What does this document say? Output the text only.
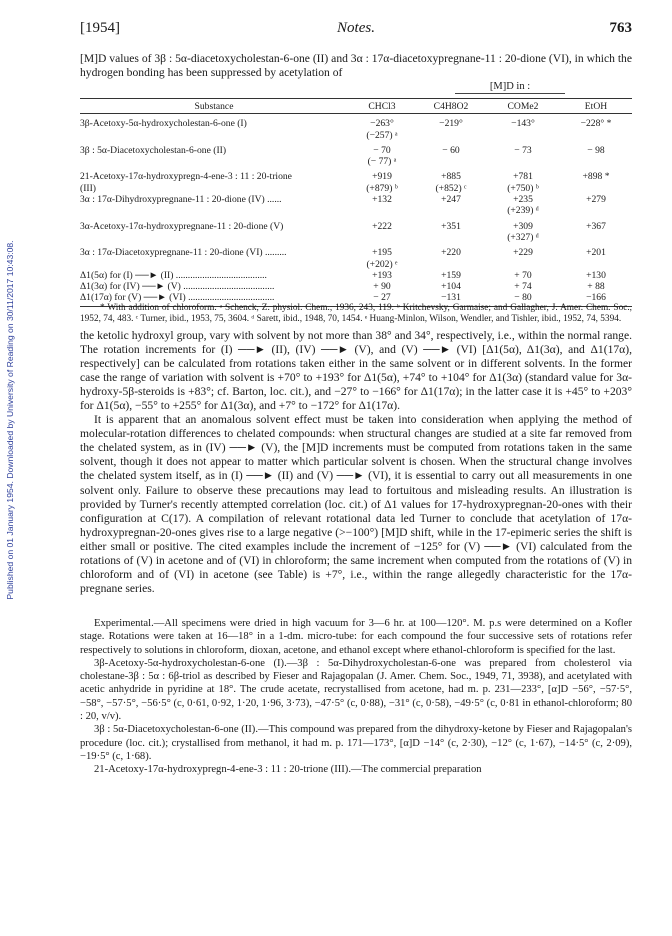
Published on 01 January 1954. Downloaded by University of Reading on 30/11/2017 10:43:08.
[1954]	Notes.	763
[M]D values of 3β : 5α-diacetoxycholestan-6-one (II) and 3α : 17α-diacetoxypregnane-11 : 20-dione (VI), in which the hydrogen bonding has been suppressed by acetylation of
[M]D in :
Substance	CHCl3	C4H8O2	COMe2	EtOH
3β-Acetoxy-5α-hydroxycholestan-6-one (I)	−263°	−219°	−143°	−228° *
	(−257) ᵃ			
3β : 5α-Diacetoxycholestan-6-one (II)	− 70	− 60	− 73	− 98
	(− 77) ᵃ			
21-Acetoxy-17α-hydroxypregn-4-ene-3 : 11 : 20-trione	+919	+885	+781	+898 *
(III)	(+879) ᵇ	(+852) ᶜ	(+750) ᵇ	
3α : 17α-Dihydroxypregnane-11 : 20-dione (IV) ......	+132	+247	+235	+279
			(+239) ᵈ	
3α-Acetoxy-17α-hydroxypregnane-11 : 20-dione (V)	+222	+351	+309	+367
			(+327) ᵈ	
3α : 17α-Diacetoxypregnane-11 : 20-dione (VI) .........	+195	+220	+229	+201
	(+202) ᵉ			
Δ1(5α) for (I) ──► (II) ......................................	+193	+159	+ 70	+130
Δ1(3α) for (IV) ──► (V) ......................................	+ 90	+104	+ 74	+ 88
Δ1(17α) for (V) ──► (VI) ....................................	− 27	−131	− 80	−166
* With addition of chloroform. ᵃ Schenck, Z. physiol. Chem., 1936, 243, 119. ᵇ Kritchevsky, Garmaise; and Gallagher, J. Amer. Chem. Soc., 1952, 74, 483. ᶜ Turner, ibid., 1953, 75, 3604. ᵈ Sarett, ibid., 1948, 70, 1454. ᵉ Huang-Minlon, Wilson, Wendler, and Tishler, ibid., 1952, 74, 5394.

the ketolic hydroxyl group, vary with solvent by not more than 38° and 34°, respectively, i.e., within the normal range. The rotation increments for (I) ──► (II), (IV) ──► (V), and (V) ──► (VI) [Δ1(5α), Δ1(3α), and Δ1(17α), respectively] can be calculated from rotations taken either in the same solvent or in different solvents. In the former case the range of variation with solvent is +70° to +193° for Δ1(5α), +74° to +104° for Δ1(3α) (standard value for 3α-hydroxy-5β-steroids is +83°; cf. Barton, loc. cit.), and −27° to −166° for Δ1(17α); in the latter case it is +45° to +203° for Δ1(5α), −55° to +255° for Δ1(3α), and +7° to −172° for Δ1(17α).

It is apparent that an anomalous solvent effect must be taken into consideration when applying the method of molecular-rotation differences to chelated compounds: when structural changes are studied at a site far removed from the chelated system, as in (IV) ──► (V), the [M]D increments must be computed from rotations taken in the same solvent, though it does not appear to matter which particular solvent is chosen. When the structural change involves the chelated system itself, as in (I) ──► (II) and (V) ──► (VI), it is essential to carry out all measurements in one solvent only. Failure to observe these precautions may lead to fortuitous and misleading results. An illustration is provided by Turner's recently attempted correlation (loc. cit.) of Δ1 values for 17-hydroxypregnan-20-ones with their configuration at C(17). A compilation of relevant rotational data led Turner to conclude that acetylation of 17α-hydroxypregnan-20-ones gives rise to a large negative (>−100°) [M]D shift, while in the 17-epimeric series the shift is either small or positive. The cited examples include the increment of −125° for (V) ──► (VI) calculated from the rotations of (V) in acetone and of (VI) in chloroform; the same increment when computed from the rotations of (V) in chloroform and of (VI) in acetone (see Table) is +7°, i.e., within the range allegedly characteristic for the 17α-pregnane series.

Experimental.—All specimens were dried in high vacuum for 3—6 hr. at 100—120°. M. p.s were determined on a Kofler stage. Rotations were taken at 16—18° in a 1-dm. micro-tube: for each compound the four successive sets of rotations refer respectively to solutions in chloroform, dioxan, acetone, and ethanol except where ethanol-chloroform is specified for the last.

3β-Acetoxy-5α-hydroxycholestan-6-one (I).—3β : 5α-Dihydroxycholestan-6-one was prepared from cholesterol via cholestane-3β : 5α : 6β-triol as described by Fieser and Rajagopalan (J. Amer. Chem. Soc., 1949, 71, 3938), and acetylated with acetic anhydride in pyridine at 18°. The crude acetate, recrystallised from acetone, had m. p. 231—233°, [α]D −56°, −57·5°, −58°, −57·5°, −56·5° (c, 0·61, 0·92, 1·20, 1·96, 3·73), −47·5° (c, 0·88), −31° (c, 0·58), −49·5° (c, 0·81 in ethanol-chloroform; 80 : 20, v/v).

3β : 5α-Diacetoxycholestan-6-one (II).—This compound was prepared from the dihydroxy-ketone by Fieser and Rajagopalan's procedure (loc. cit.); crystallised from methanol, it had m. p. 171—173°, [α]D −14° (c, 2·30), −12° (c, 1·67), −14·5° (c, 2·09), −19·5° (c, 1·68).

21-Acetoxy-17α-hydroxypregn-4-ene-3 : 11 : 20-trione (III).—The commercial preparation
